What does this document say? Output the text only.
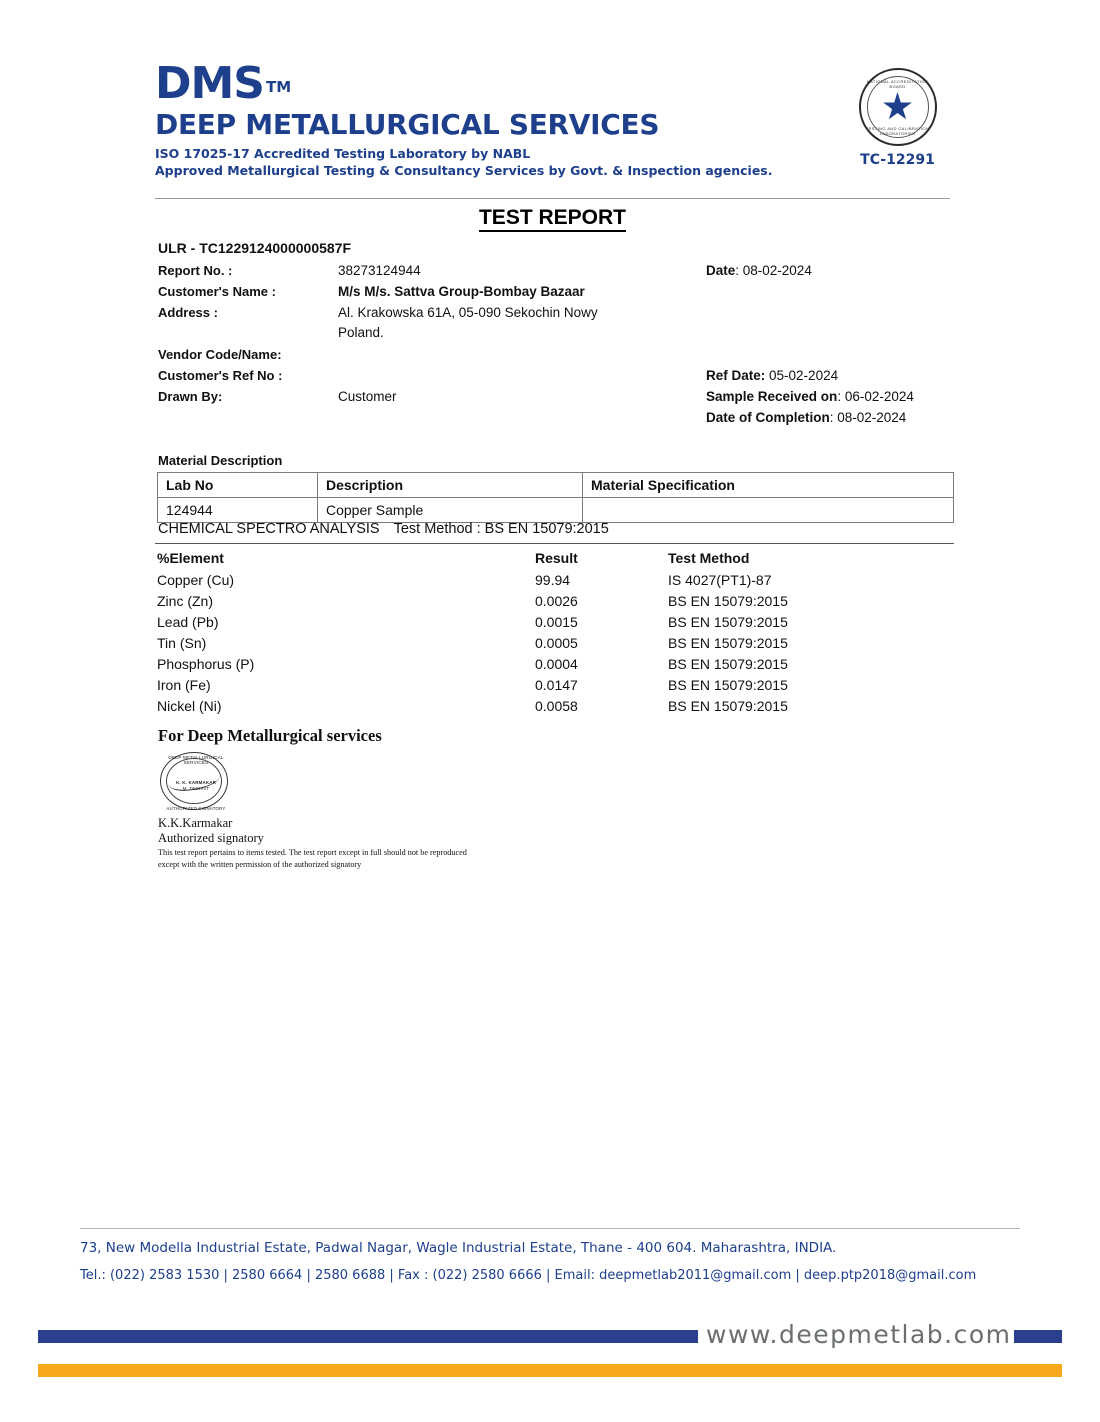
DMS TM
DEEP METALLURGICAL SERVICES
ISO 17025-17 Accredited Testing Laboratory by NABL
Approved Metallurgical Testing & Consultancy Services by Govt. & Inspection agencies.
NATIONAL ACCREDITATION BOARD
TESTING AND CALIBRATION LABORATORIES
TC-12291
TEST REPORT
ULR - TC1229124000000587F
Report No. :	38273124944	Date: 08-02-2024
Customer's Name :	M/s M/s. Sattva Group-Bombay Bazaar
Address :	Al. Krakowska 61A, 05-090 Sekochin Nowy
Poland.
Vendor Code/Name:
Customer's Ref No :	Ref Date: 05-02-2024
Drawn By:	Customer	Sample Received on: 06-02-2024
Date of Completion: 08-02-2024
Material Description
Lab No	Description	Material Specification
124944	Copper Sample	
CHEMICAL SPECTRO ANALYSIS Test Method : BS EN 15079:2015
%Element	Result	Test Method
Copper (Cu)	99.94	IS 4027(PT1)-87
Zinc (Zn)	0.0026	BS EN 15079:2015
Lead (Pb)	0.0015	BS EN 15079:2015
Tin (Sn)	0.0005	BS EN 15079:2015
Phosphorus (P)	0.0004	BS EN 15079:2015
Iron (Fe)	0.0147	BS EN 15079:2015
Nickel (Ni)	0.0058	BS EN 15079:2015
For Deep Metallurgical services
DEEP METALLURGICAL SERVICES
K. K. KARMAKAR
M. TECH/IIT
AUTHORIZED SIGNATORY
K.K.Karmakar
Authorized signatory
This test report pertains to items tested. The test report except in full should not be reproduced
except with the written permission of the authorized signatory
73, New Modella Industrial Estate, Padwal Nagar, Wagle Industrial Estate, Thane - 400 604. Maharashtra, INDIA.
Tel.: (022) 2583 1530 | 2580 6664 | 2580 6688 | Fax : (022) 2580 6666 | Email: deepmetlab2011@gmail.com | deep.ptp2018@gmail.com
www.deepmetlab.com
